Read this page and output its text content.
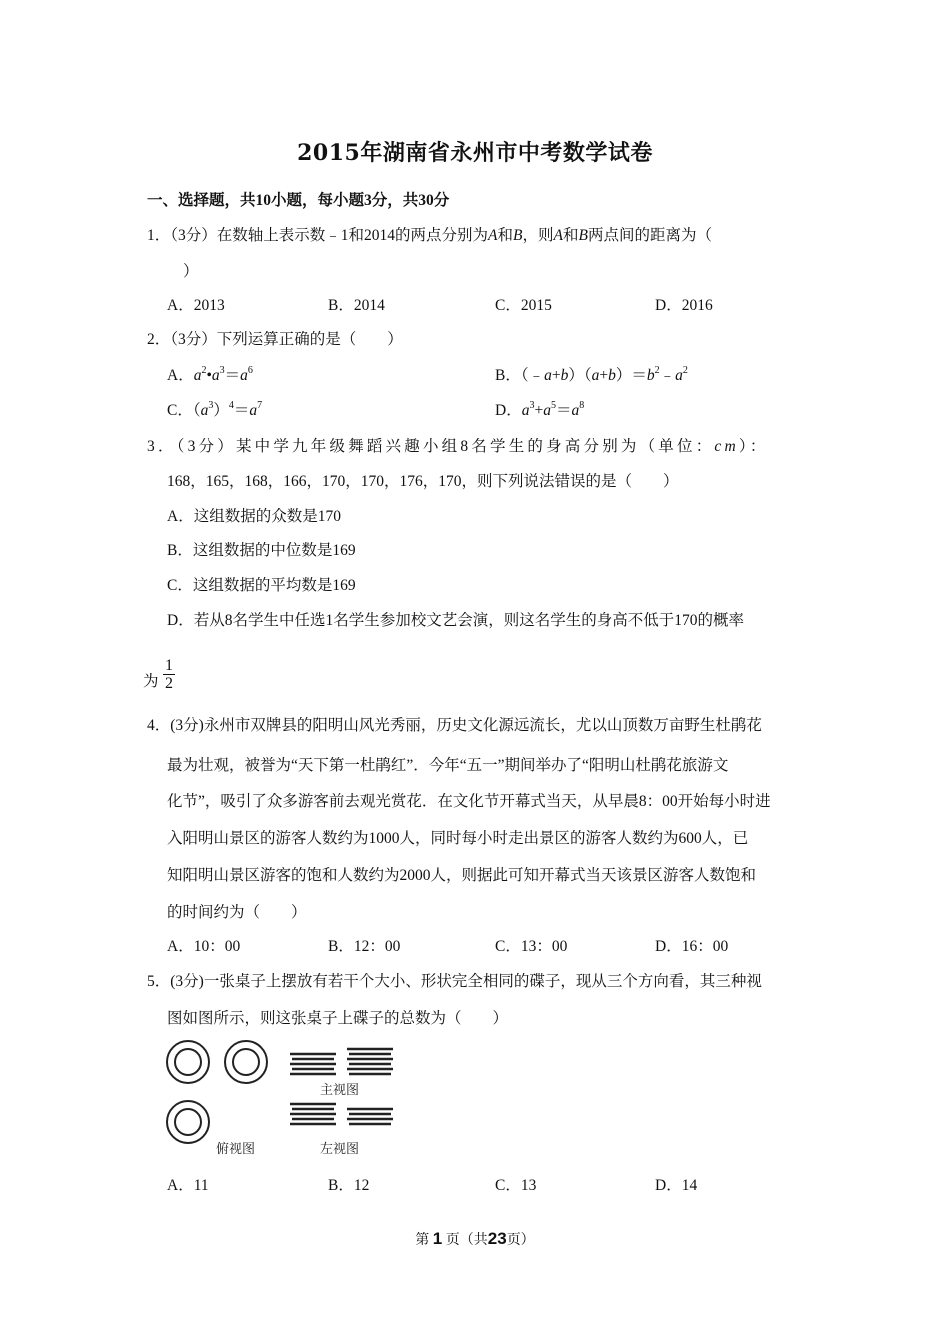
2015年湖南省永州市中考数学试卷
一、选择题，共10小题，每小题3分，共30分
1．（3分）在数轴上表示数﹣1和2014的两点分别为A和B，则A和B两点间的距离为（
）
A．2013	B．2014	C．2015	D．2016
2．（3分）下列运算正确的是（　　）
A．$a^2•a^3=a^6$	B．$(﹣a+b)(a+b)=b^2﹣a^2$
C．$(a^3)^4=a^7$	D．$a^3+a^5=a^8$
3．（3分）某中学九年级舞蹈兴趣小组8名学生的身高分别为（单位：cm）：
168，165，168，166，170，170，176，170，则下列说法错误的是（　　）
A．这组数据的众数是170
B．这组数据的中位数是169
C．这组数据的平均数是169
D．若从8名学生中任选1名学生参加校文艺会演，则这名学生的身高不低于170的概率
为
1
2
4．(3分)永州市双牌县的阳明山风光秀丽，历史文化源远流长，尤以山顶数万亩野生杜鹃花
最为壮观，被誉为“天下第一杜鹃红”．今年“五一”期间举办了“阳明山杜鹃花旅游文
化节”，吸引了众多游客前去观光赏花．在文化节开幕式当天，从早晨8：00开始每小时进
入阳明山景区的游客人数约为1000人，同时每小时走出景区的游客人数约为600人，已
知阳明山景区游客的饱和人数约为2000人，则据此可知开幕式当天该景区游客人数饱和
的时间约为（　　）
A．10：00	B．12：00	C．13：00	D．16：00
5．(3分)一张桌子上摆放有若干个大小、形状完全相同的碟子，现从三个方向看，其三种视
图如图所示，则这张桌子上碟子的总数为（　　）
主视图
俯视图	左视图
A．11	B．12	C．13	D．14
第 1 页（共23页）
